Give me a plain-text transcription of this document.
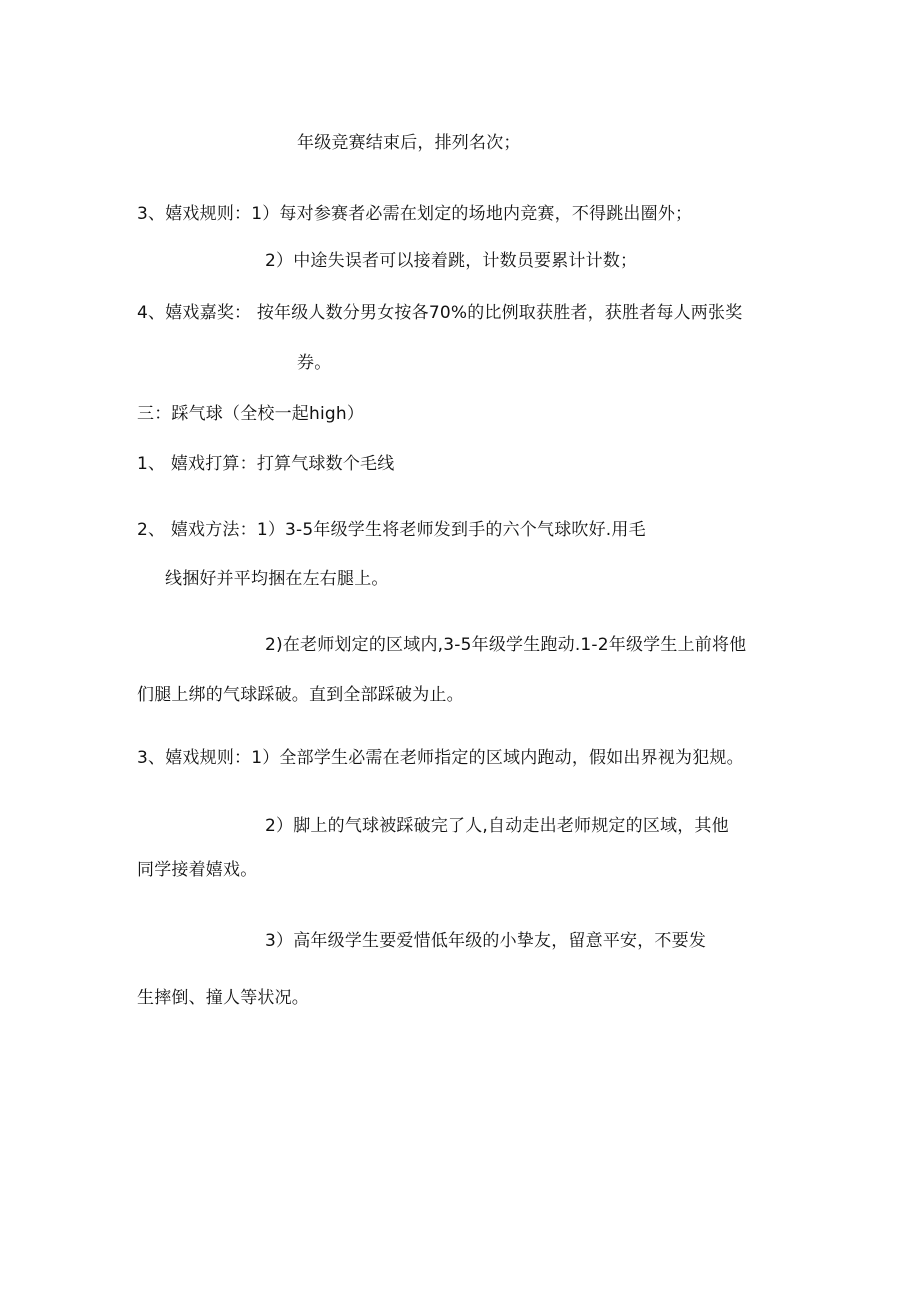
年级竞赛结束后，排列名次；
3、嬉戏规则：1）每对参赛者必需在划定的场地内竞赛，不得跳出圈外；
2）中途失误者可以接着跳，计数员要累计计数；
4、嬉戏嘉奖： 按年级人数分男女按各70%的比例取获胜者，获胜者每人两张奖
券。
三：踩气球（全校一起high）
1、 嬉戏打算：打算气球数个毛线
2、 嬉戏方法：1）3-5年级学生将老师发到手的六个气球吹好.用毛
线捆好并平均捆在左右腿上。
2)在老师划定的区域内,3-5年级学生跑动.1-2年级学生上前将他
们腿上绑的气球踩破。直到全部踩破为止。
3、嬉戏规则：1）全部学生必需在老师指定的区域内跑动，假如出界视为犯规。
2）脚上的气球被踩破完了人,自动走出老师规定的区域，其他
同学接着嬉戏。
3）高年级学生要爱惜低年级的小挚友，留意平安，不要发
生摔倒、撞人等状况。
